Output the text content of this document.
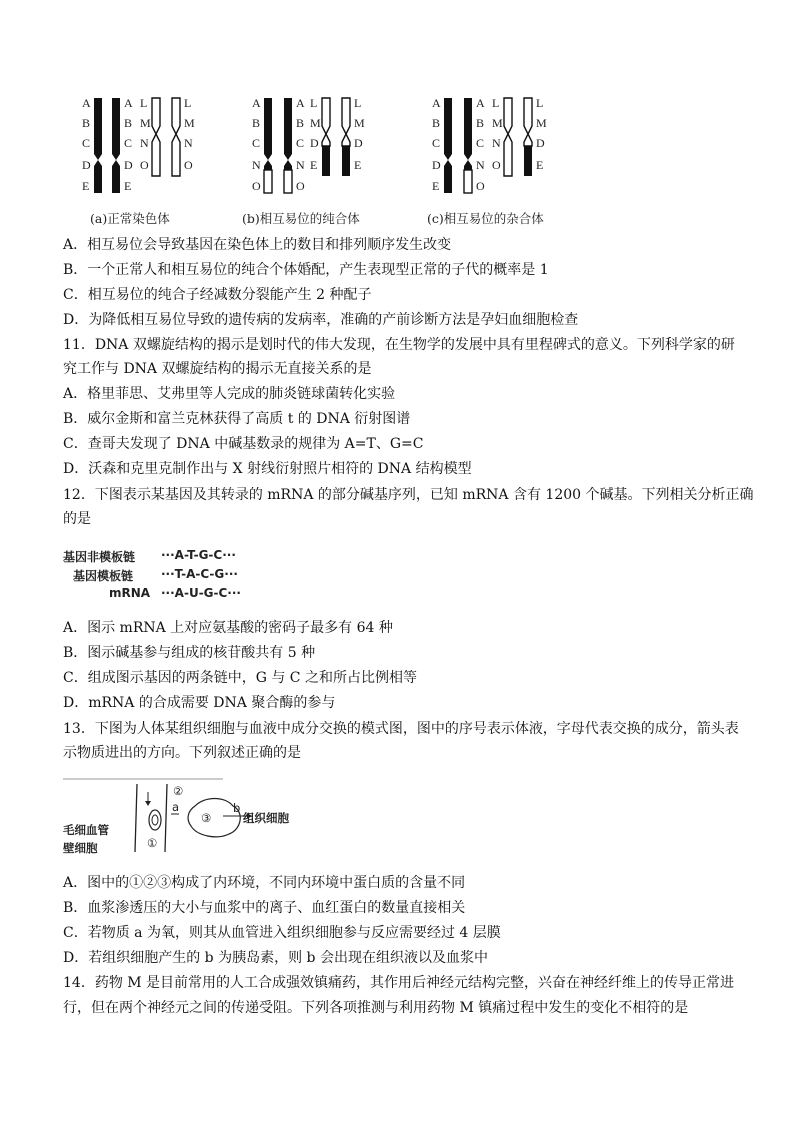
A
B
C
D
E
A
B
C
D
E
L
M
N
O
L
M
N
O
A
B
C
N
O
A
B
C
N
O
L
M
D
E
L
M
D
E
A
B
C
D
E
A
B
C
N
O
L
M
N
O
L
M
D
E
(a)正常染色体	(b)相互易位的纯合体	(c)相互易位的杂合体
A．相互易位会导致基因在染色体上的数目和排列顺序发生改变
B．一个正常人和相互易位的纯合个体婚配，产生表现型正常的子代的概率是 1
C．相互易位的纯合子经减数分裂能产生 2 种配子
D．为降低相互易位导致的遗传病的发病率，准确的产前诊断方法是孕妇血细胞检查
11．DNA 双螺旋结构的揭示是划时代的伟大发现，在生物学的发展中具有里程碑式的意义。下列科学家的研
究工作与 DNA 双螺旋结构的揭示无直接关系的是
A．格里菲思、艾弗里等人完成的肺炎链球菌转化实验
B．威尔金斯和富兰克林获得了高质 t 的 DNA 衍射图谱
C．查哥夫发现了 DNA 中碱基数录的规律为 A=T、G=C
D．沃森和克里克制作出与 X 射线衍射照片相符的 DNA 结构模型
12．下图表示某基因及其转录的 mRNA 的部分碱基序列，已知 mRNA 含有 1200 个碱基。下列相关分析正确
的是
基因非模板链 ···A-T-G-C···
基因模板链 ···T-A-C-G···
mRNA ···A-U-G-C···
A．图示 mRNA 上对应氨基酸的密码子最多有 64 种
B．图示碱基参与组成的核苷酸共有 5 种
C．组成图示基因的两条链中，G 与 C 之和所占比例相等
D．mRNA 的合成需要 DNA 聚合酶的参与
13．下图为人体某组织细胞与血液中成分交换的模式图，图中的序号表示体液，字母代表交换的成分，箭头表
示物质进出的方向。下列叙述正确的是
毛细血管
壁细胞	①
②
③
a	b
组织细胞
A．图中的①②③构成了内环境，不同内环境中蛋白质的含量不同
B．血浆渗透压的大小与血浆中的离子、血红蛋白的数量直接相关
C．若物质 a 为氧，则其从血管进入组织细胞参与反应需要经过 4 层膜
D．若组织细胞产生的 b 为胰岛素，则 b 会出现在组织液以及血浆中
14．药物 M 是目前常用的人工合成强效镇痛药，其作用后神经元结构完整，兴奋在神经纤维上的传导正常进
行，但在两个神经元之间的传递受阻。下列各项推测与利用药物 M 镇痛过程中发生的变化不相符的是
